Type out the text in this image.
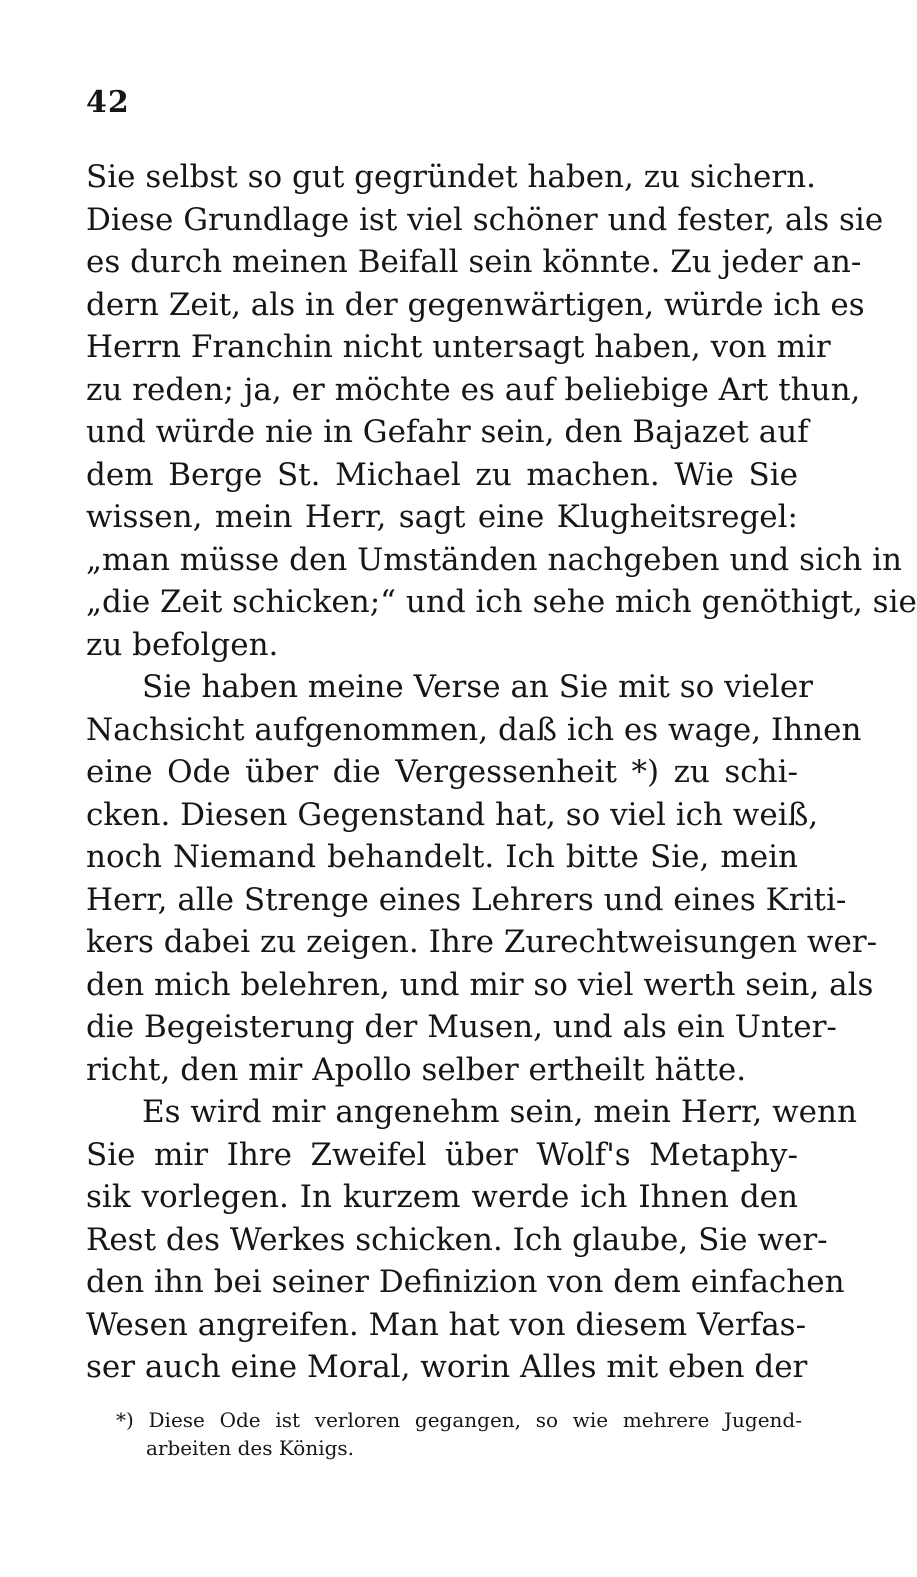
42
Sie selbst so gut gegründet haben, zu sichern.
Diese Grundlage ist viel schöner und fester, als sie
es durch meinen Beifall sein könnte. Zu jeder an-
dern Zeit, als in der gegenwärtigen, würde ich es
Herrn Franchin nicht untersagt haben, von mir
zu reden; ja, er möchte es auf beliebige Art thun,
und würde nie in Gefahr sein, den Bajazet auf
dem Berge St. Michael zu machen. Wie Sie
wissen, mein Herr, sagt eine Klugheitsregel:
„man müsse den Umständen nachgeben und sich in
„die Zeit schicken;“ und ich sehe mich genöthigt, sie
zu befolgen.
Sie haben meine Verse an Sie mit so vieler
Nachsicht aufgenommen, daß ich es wage, Ihnen
eine Ode über die Vergessenheit *) zu schi-
cken. Diesen Gegenstand hat, so viel ich weiß,
noch Niemand behandelt. Ich bitte Sie, mein
Herr, alle Strenge eines Lehrers und eines Kriti-
kers dabei zu zeigen. Ihre Zurechtweisungen wer-
den mich belehren, und mir so viel werth sein, als
die Begeisterung der Musen, und als ein Unter-
richt, den mir Apollo selber ertheilt hätte.
Es wird mir angenehm sein, mein Herr, wenn
Sie mir Ihre Zweifel über Wolf's Metaphy-
sik vorlegen. In kurzem werde ich Ihnen den
Rest des Werkes schicken. Ich glaube, Sie wer-
den ihn bei seiner Definizion von dem einfachen
Wesen angreifen. Man hat von diesem Verfas-
ser auch eine Moral, worin Alles mit eben der
*) Diese Ode ist verloren gegangen, so wie mehrere Jugend-
arbeiten des Königs.
